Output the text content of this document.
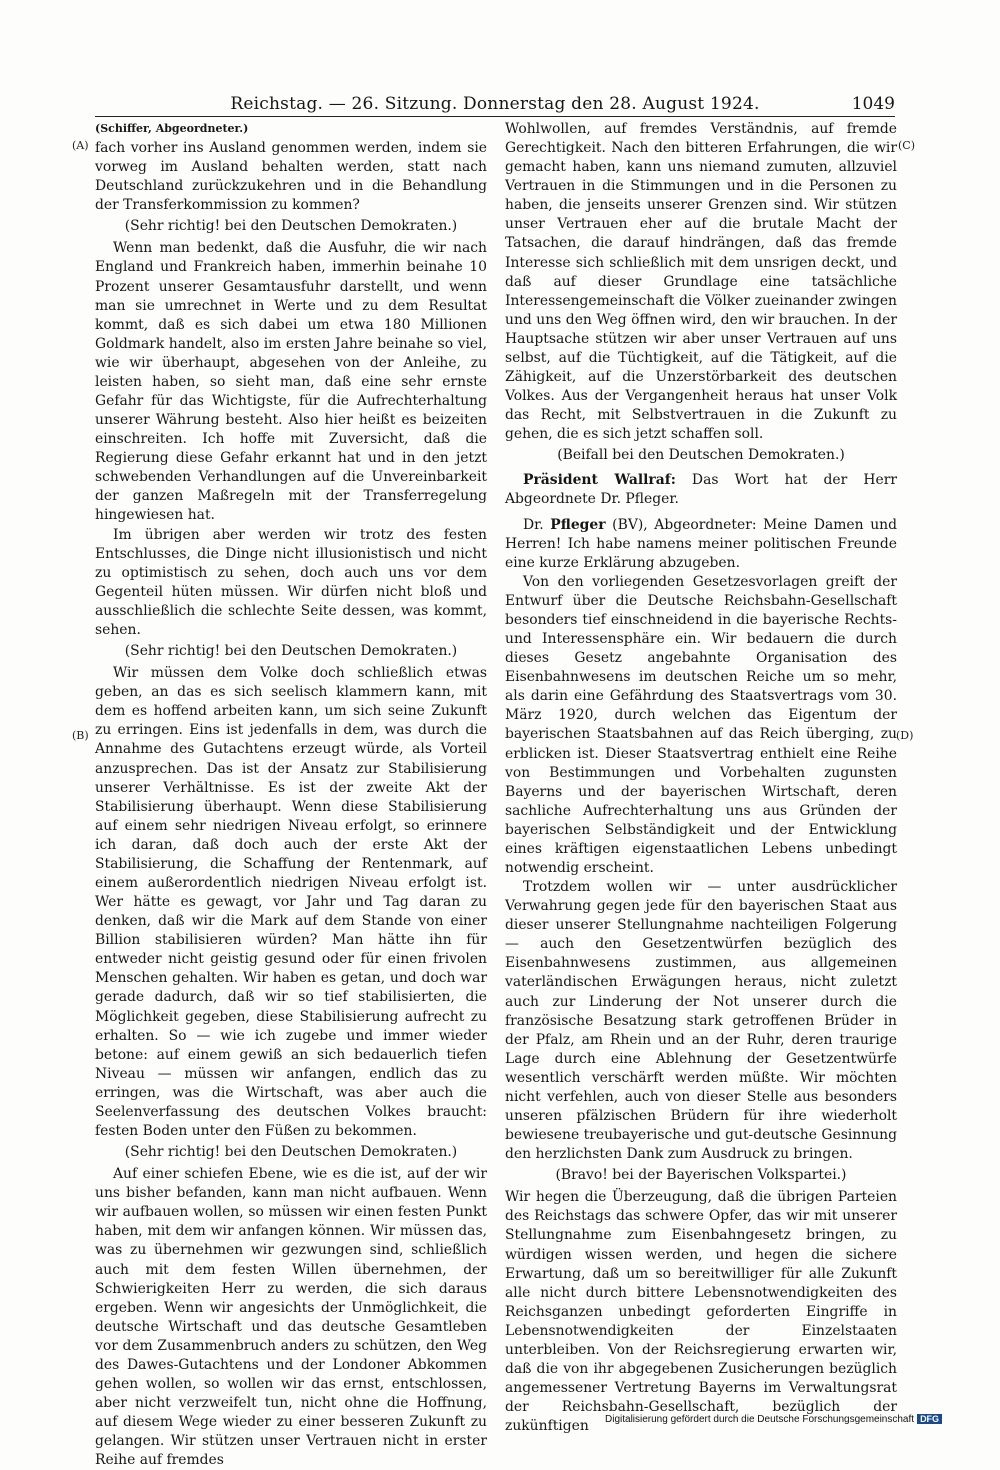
Reichstag. — 26. Sitzung. Donnerstag den 28. August 1924.	1049
(A)
(B)
(C)
(D)

(Schiffer, Abgeordneter.)

fach vorher ins Ausland genommen werden, indem sie vorweg im Ausland behalten werden, statt nach Deutschland zurückzukehren und in die Behandlung der Transferkommission zu kommen?

(Sehr richtig! bei den Deutschen Demokraten.)

Wenn man bedenkt, daß die Ausfuhr, die wir nach England und Frankreich haben, immerhin beinahe 10 Prozent unserer Gesamtausfuhr darstellt, und wenn man sie umrechnet in Werte und zu dem Resultat kommt, daß es sich dabei um etwa 180 Millionen Goldmark handelt, also im ersten Jahre beinahe so viel, wie wir überhaupt, abgesehen von der Anleihe, zu leisten haben, so sieht man, daß eine sehr ernste Gefahr für das Wichtigste, für die Aufrechterhaltung unserer Währung besteht. Also hier heißt es beizeiten einschreiten. Ich hoffe mit Zuversicht, daß die Regierung diese Gefahr erkannt hat und in den jetzt schwebenden Verhandlungen auf die Unvereinbarkeit der ganzen Maßregeln mit der Transferregelung hingewiesen hat.

Im übrigen aber werden wir trotz des festen Entschlusses, die Dinge nicht illusionistisch und nicht zu optimistisch zu sehen, doch auch uns vor dem Gegenteil hüten müssen. Wir dürfen nicht bloß und ausschließlich die schlechte Seite dessen, was kommt, sehen.

(Sehr richtig! bei den Deutschen Demokraten.)

Wir müssen dem Volke doch schließlich etwas geben, an das es sich seelisch klammern kann, mit dem es hoffend arbeiten kann, um sich seine Zukunft zu erringen. Eins ist jedenfalls in dem, was durch die Annahme des Gutachtens erzeugt würde, als Vorteil anzusprechen. Das ist der Ansatz zur Stabilisierung unserer Verhältnisse. Es ist der zweite Akt der Stabilisierung überhaupt. Wenn diese Stabilisierung auf einem sehr niedrigen Niveau erfolgt, so erinnere ich daran, daß doch auch der erste Akt der Stabilisierung, die Schaffung der Rentenmark, auf einem außerordentlich niedrigen Niveau erfolgt ist. Wer hätte es gewagt, vor Jahr und Tag daran zu denken, daß wir die Mark auf dem Stande von einer Billion stabilisieren würden? Man hätte ihn für entweder nicht geistig gesund oder für einen frivolen Menschen gehalten. Wir haben es getan, und doch war gerade dadurch, daß wir so tief stabilisierten, die Möglichkeit gegeben, diese Stabilisierung aufrecht zu erhalten. So — wie ich zugebe und immer wieder betone: auf einem gewiß an sich bedauerlich tiefen Niveau — müssen wir anfangen, endlich das zu erringen, was die Wirtschaft, was aber auch die Seelenverfassung des deutschen Volkes braucht: festen Boden unter den Füßen zu bekommen.

(Sehr richtig! bei den Deutschen Demokraten.)

Auf einer schiefen Ebene, wie es die ist, auf der wir uns bisher befanden, kann man nicht aufbauen. Wenn wir aufbauen wollen, so müssen wir einen festen Punkt haben, mit dem wir anfangen können. Wir müssen das, was zu übernehmen wir gezwungen sind, schließlich auch mit dem festen Willen übernehmen, der Schwierigkeiten Herr zu werden, die sich daraus ergeben. Wenn wir angesichts der Unmöglichkeit, die deutsche Wirtschaft und das deutsche Gesamtleben vor dem Zusammenbruch anders zu schützen, den Weg des Dawes-Gutachtens und der Londoner Abkommen gehen wollen, so wollen wir das ernst, entschlossen, aber nicht verzweifelt tun, nicht ohne die Hoffnung, auf diesem Wege wieder zu einer besseren Zukunft zu gelangen. Wir stützen unser Vertrauen nicht in erster Reihe auf fremdes

Wohlwollen, auf fremdes Verständnis, auf fremde Gerechtigkeit. Nach den bitteren Erfahrungen, die wir gemacht haben, kann uns niemand zumuten, allzuviel Vertrauen in die Stimmungen und in die Personen zu haben, die jenseits unserer Grenzen sind. Wir stützen unser Vertrauen eher auf die brutale Macht der Tatsachen, die darauf hindrängen, daß das fremde Interesse sich schließlich mit dem unsrigen deckt, und daß auf dieser Grundlage eine tatsächliche Interessengemeinschaft die Völker zueinander zwingen und uns den Weg öffnen wird, den wir brauchen. In der Hauptsache stützen wir aber unser Vertrauen auf uns selbst, auf die Tüchtigkeit, auf die Tätigkeit, auf die Zähigkeit, auf die Unzerstörbarkeit des deutschen Volkes. Aus der Vergangenheit heraus hat unser Volk das Recht, mit Selbstvertrauen in die Zukunft zu gehen, die es sich jetzt schaffen soll.

(Beifall bei den Deutschen Demokraten.)

Präsident Wallraf: Das Wort hat der Herr Abgeordnete Dr. Pfleger.

Dr. Pfleger (BV), Abgeordneter: Meine Damen und Herren! Ich habe namens meiner politischen Freunde eine kurze Erklärung abzugeben.

Von den vorliegenden Gesetzesvorlagen greift der Entwurf über die Deutsche Reichsbahn-Gesellschaft besonders tief einschneidend in die bayerische Rechts- und Interessensphäre ein. Wir bedauern die durch dieses Gesetz angebahnte Organisation des Eisenbahnwesens im deutschen Reiche um so mehr, als darin eine Gefährdung des Staatsvertrags vom 30. März 1920, durch welchen das Eigentum der bayerischen Staatsbahnen auf das Reich überging, zu erblicken ist. Dieser Staatsvertrag enthielt eine Reihe von Bestimmungen und Vorbehalten zugunsten Bayerns und der bayerischen Wirtschaft, deren sachliche Aufrechterhaltung uns aus Gründen der bayerischen Selbständigkeit und der Entwicklung eines kräftigen eigenstaatlichen Lebens unbedingt notwendig erscheint.

Trotzdem wollen wir — unter ausdrücklicher Verwahrung gegen jede für den bayerischen Staat aus dieser unserer Stellungnahme nachteiligen Folgerung — auch den Gesetzentwürfen bezüglich des Eisenbahnwesens zustimmen, aus allgemeinen vaterländischen Erwägungen heraus, nicht zuletzt auch zur Linderung der Not unserer durch die französische Besatzung stark getroffenen Brüder in der Pfalz, am Rhein und an der Ruhr, deren traurige Lage durch eine Ablehnung der Gesetzentwürfe wesentlich verschärft werden müßte. Wir möchten nicht verfehlen, auch von dieser Stelle aus besonders unseren pfälzischen Brüdern für ihre wiederholt bewiesene treubayerische und gut-deutsche Gesinnung den herzlichsten Dank zum Ausdruck zu bringen.

(Bravo! bei der Bayerischen Volkspartei.)

Wir hegen die Überzeugung, daß die übrigen Parteien des Reichstags das schwere Opfer, das wir mit unserer Stellungnahme zum Eisenbahngesetz bringen, zu würdigen wissen werden, und hegen die sichere Erwartung, daß um so bereitwilliger für alle Zukunft alle nicht durch bittere Lebensnotwendigkeiten des Reichsganzen unbedingt geforderten Eingriffe in Lebensnotwendigkeiten der Einzelstaaten unterbleiben. Von der Reichsregierung erwarten wir, daß die von ihr abgegebenen Zusicherungen bezüglich angemessener Vertretung Bayerns im Verwaltungsrat der Reichsbahn-Gesellschaft, bezüglich der zukünftigen	Digitalisierung gefördert durch die Deutsche Forschungsgemeinschaft DFG
